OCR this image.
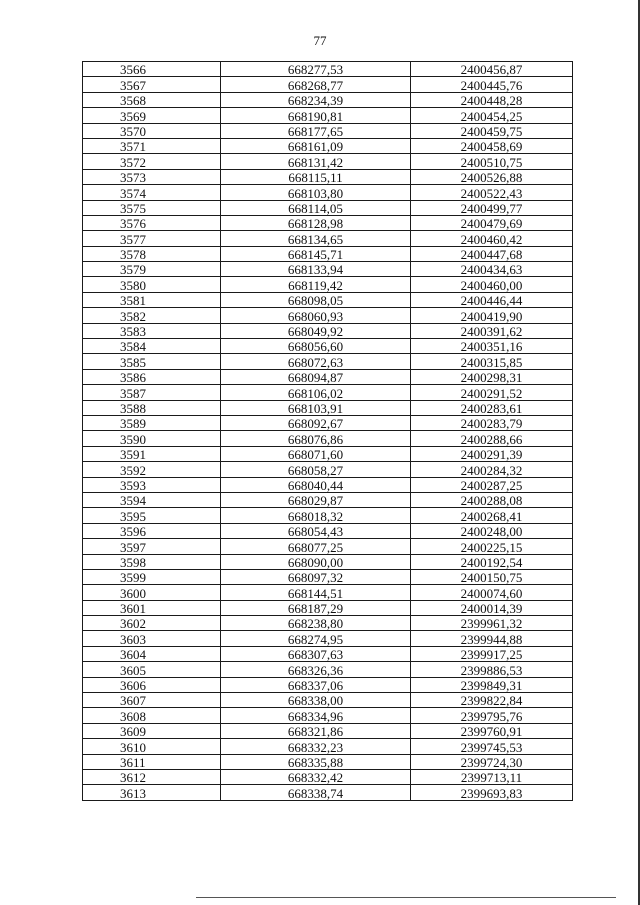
77
3566	668277,53	2400456,87
3567	668268,77	2400445,76
3568	668234,39	2400448,28
3569	668190,81	2400454,25
3570	668177,65	2400459,75
3571	668161,09	2400458,69
3572	668131,42	2400510,75
3573	668115,11	2400526,88
3574	668103,80	2400522,43
3575	668114,05	2400499,77
3576	668128,98	2400479,69
3577	668134,65	2400460,42
3578	668145,71	2400447,68
3579	668133,94	2400434,63
3580	668119,42	2400460,00
3581	668098,05	2400446,44
3582	668060,93	2400419,90
3583	668049,92	2400391,62
3584	668056,60	2400351,16
3585	668072,63	2400315,85
3586	668094,87	2400298,31
3587	668106,02	2400291,52
3588	668103,91	2400283,61
3589	668092,67	2400283,79
3590	668076,86	2400288,66
3591	668071,60	2400291,39
3592	668058,27	2400284,32
3593	668040,44	2400287,25
3594	668029,87	2400288,08
3595	668018,32	2400268,41
3596	668054,43	2400248,00
3597	668077,25	2400225,15
3598	668090,00	2400192,54
3599	668097,32	2400150,75
3600	668144,51	2400074,60
3601	668187,29	2400014,39
3602	668238,80	2399961,32
3603	668274,95	2399944,88
3604	668307,63	2399917,25
3605	668326,36	2399886,53
3606	668337,06	2399849,31
3607	668338,00	2399822,84
3608	668334,96	2399795,76
3609	668321,86	2399760,91
3610	668332,23	2399745,53
3611	668335,88	2399724,30
3612	668332,42	2399713,11
3613	668338,74	2399693,83
